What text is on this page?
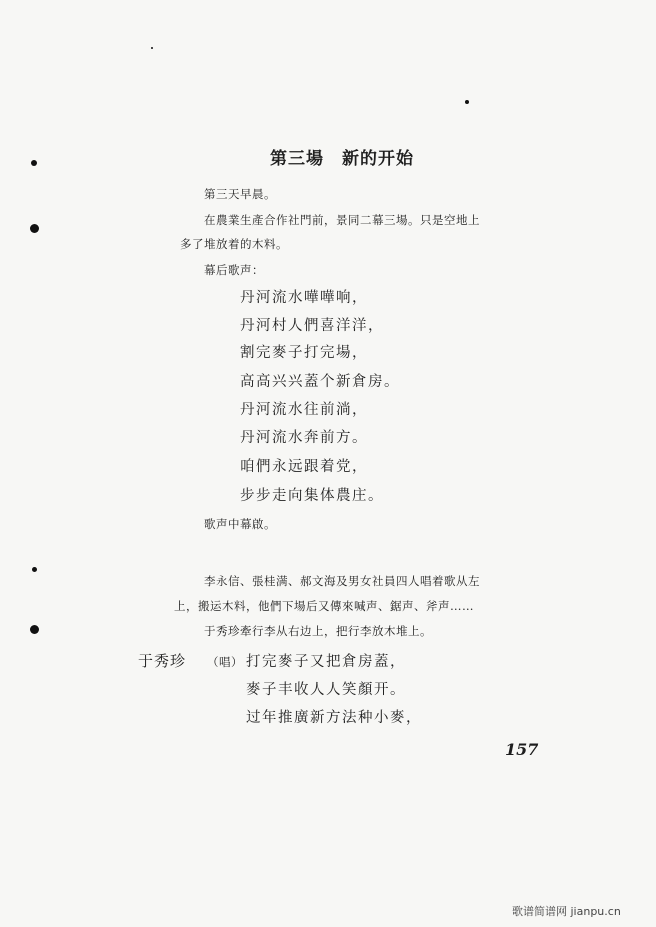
第三場　新的开始
第三天早晨。
在農業生產合作社門前，景同二幕三場。只是空地上
多了堆放着的木料。
幕后歌声：
丹河流水嘩嘩响，
丹河村人們喜洋洋，
割完麥子打完場，
高高兴兴蓋个新倉房。
丹河流水往前淌，
丹河流水奔前方。
咱們永远跟着党，
步步走向集体農庄。
歌声中幕啟。
李永信、張桂满、郝文海及男女社員四人唱着歌从左
上，搬运木料，他們下場后又傳來喊声、鋸声、斧声……
于秀珍牽行李从右边上，把行李放木堆上。
于秀珍 （唱） 打完麥子又把倉房蓋，
麥子丰收人人笑顏开。
过年推廣新方法种小麥，
157
歌谱简谱网 jianpu.cn
